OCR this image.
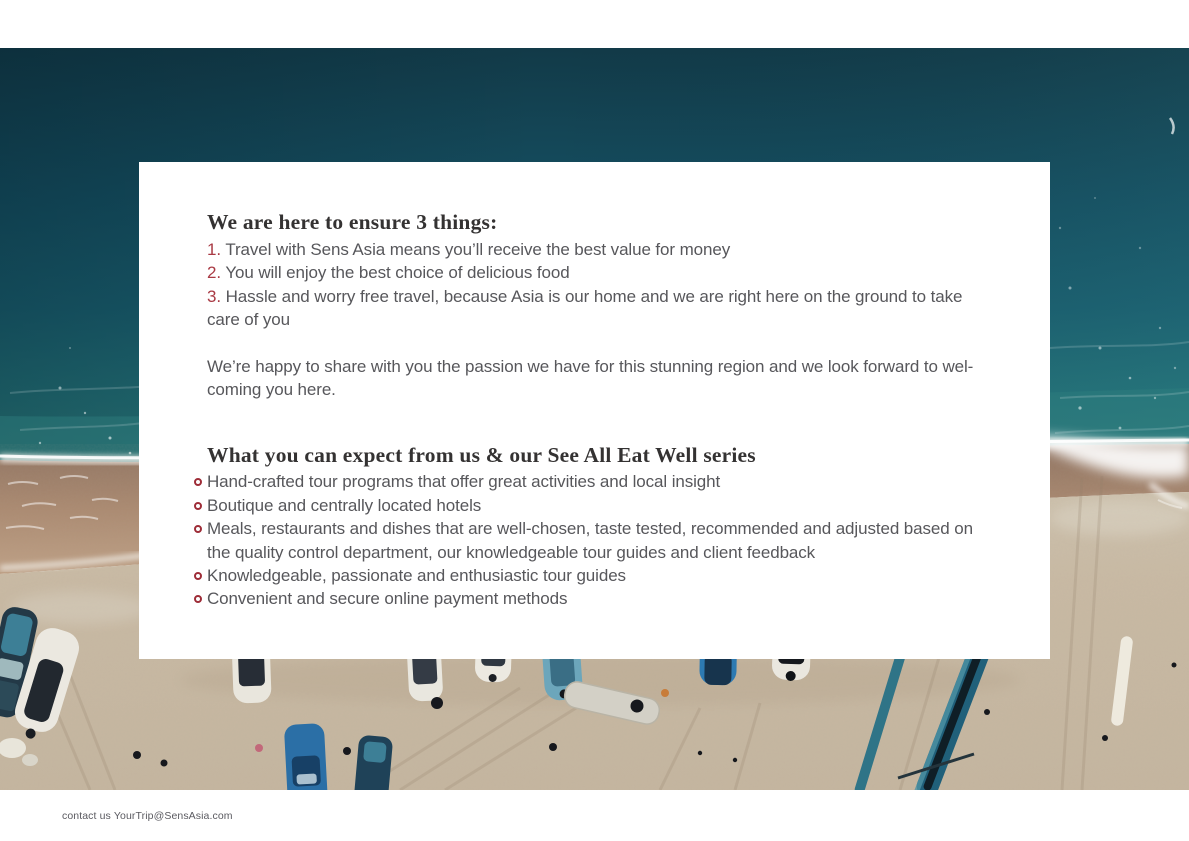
We are here to ensure 3 things:

1. Travel with Sens Asia means you’ll receive the best value for money

2. You will enjoy the best choice of delicious food

3. Hassle and worry free travel, because Asia is our home and we are right here on the ground to take care of you

We’re happy to share with you the passion we have for this stunning region and we look forward to wel-
coming you here.

What you can expect from us & our See All Eat Well series
Hand-crafted tour programs that offer great activities and local insight
Boutique and centrally located hotels
Meals, restaurants and dishes that are well-chosen, taste tested, recommended and adjusted based on the quality control department, our knowledgeable tour guides and client feedback
Knowledgeable, passionate and enthusiastic tour guides
Convenient and secure online payment methods
contact us YourTrip@SensAsia.com
